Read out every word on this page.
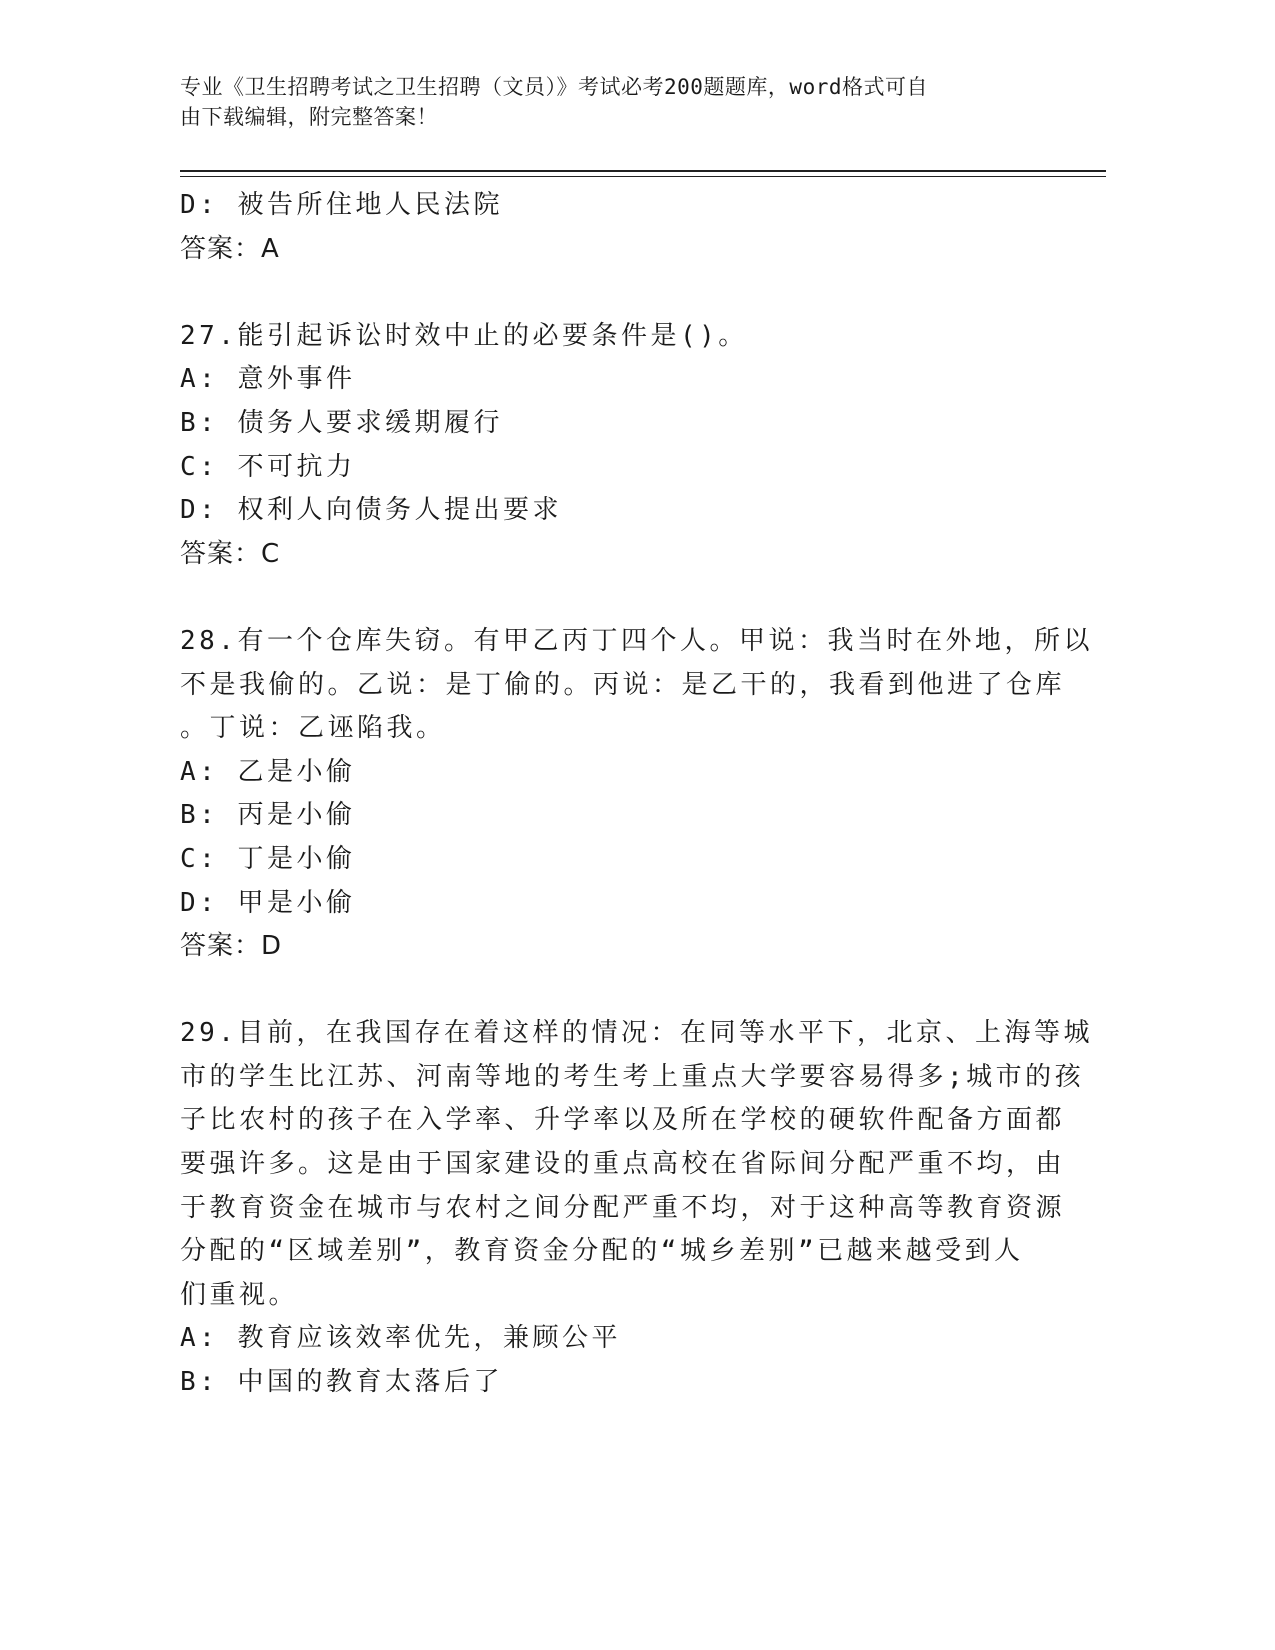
专业《卫生招聘考试之卫生招聘（文员）》考试必考200题题库，word格式可自
由下载编辑，附完整答案！
D: 被告所住地人民法院
答案：A
27.能引起诉讼时效中止的必要条件是()。
A: 意外事件
B: 债务人要求缓期履行
C: 不可抗力
D: 权利人向债务人提出要求
答案：C
28.有一个仓库失窃。有甲乙丙丁四个人。甲说：我当时在外地，所以
不是我偷的。乙说：是丁偷的。丙说：是乙干的，我看到他进了仓库
。丁说：乙诬陷我。
A: 乙是小偷
B: 丙是小偷
C: 丁是小偷
D: 甲是小偷
答案：D
29.目前，在我国存在着这样的情况：在同等水平下，北京、上海等城
市的学生比江苏、河南等地的考生考上重点大学要容易得多;城市的孩
子比农村的孩子在入学率、升学率以及所在学校的硬软件配备方面都
要强许多。这是由于国家建设的重点高校在省际间分配严重不均，由
于教育资金在城市与农村之间分配严重不均，对于这种高等教育资源
分配的“区域差别”，教育资金分配的“城乡差别”已越来越受到人
们重视。
A: 教育应该效率优先，兼顾公平
B: 中国的教育太落后了
